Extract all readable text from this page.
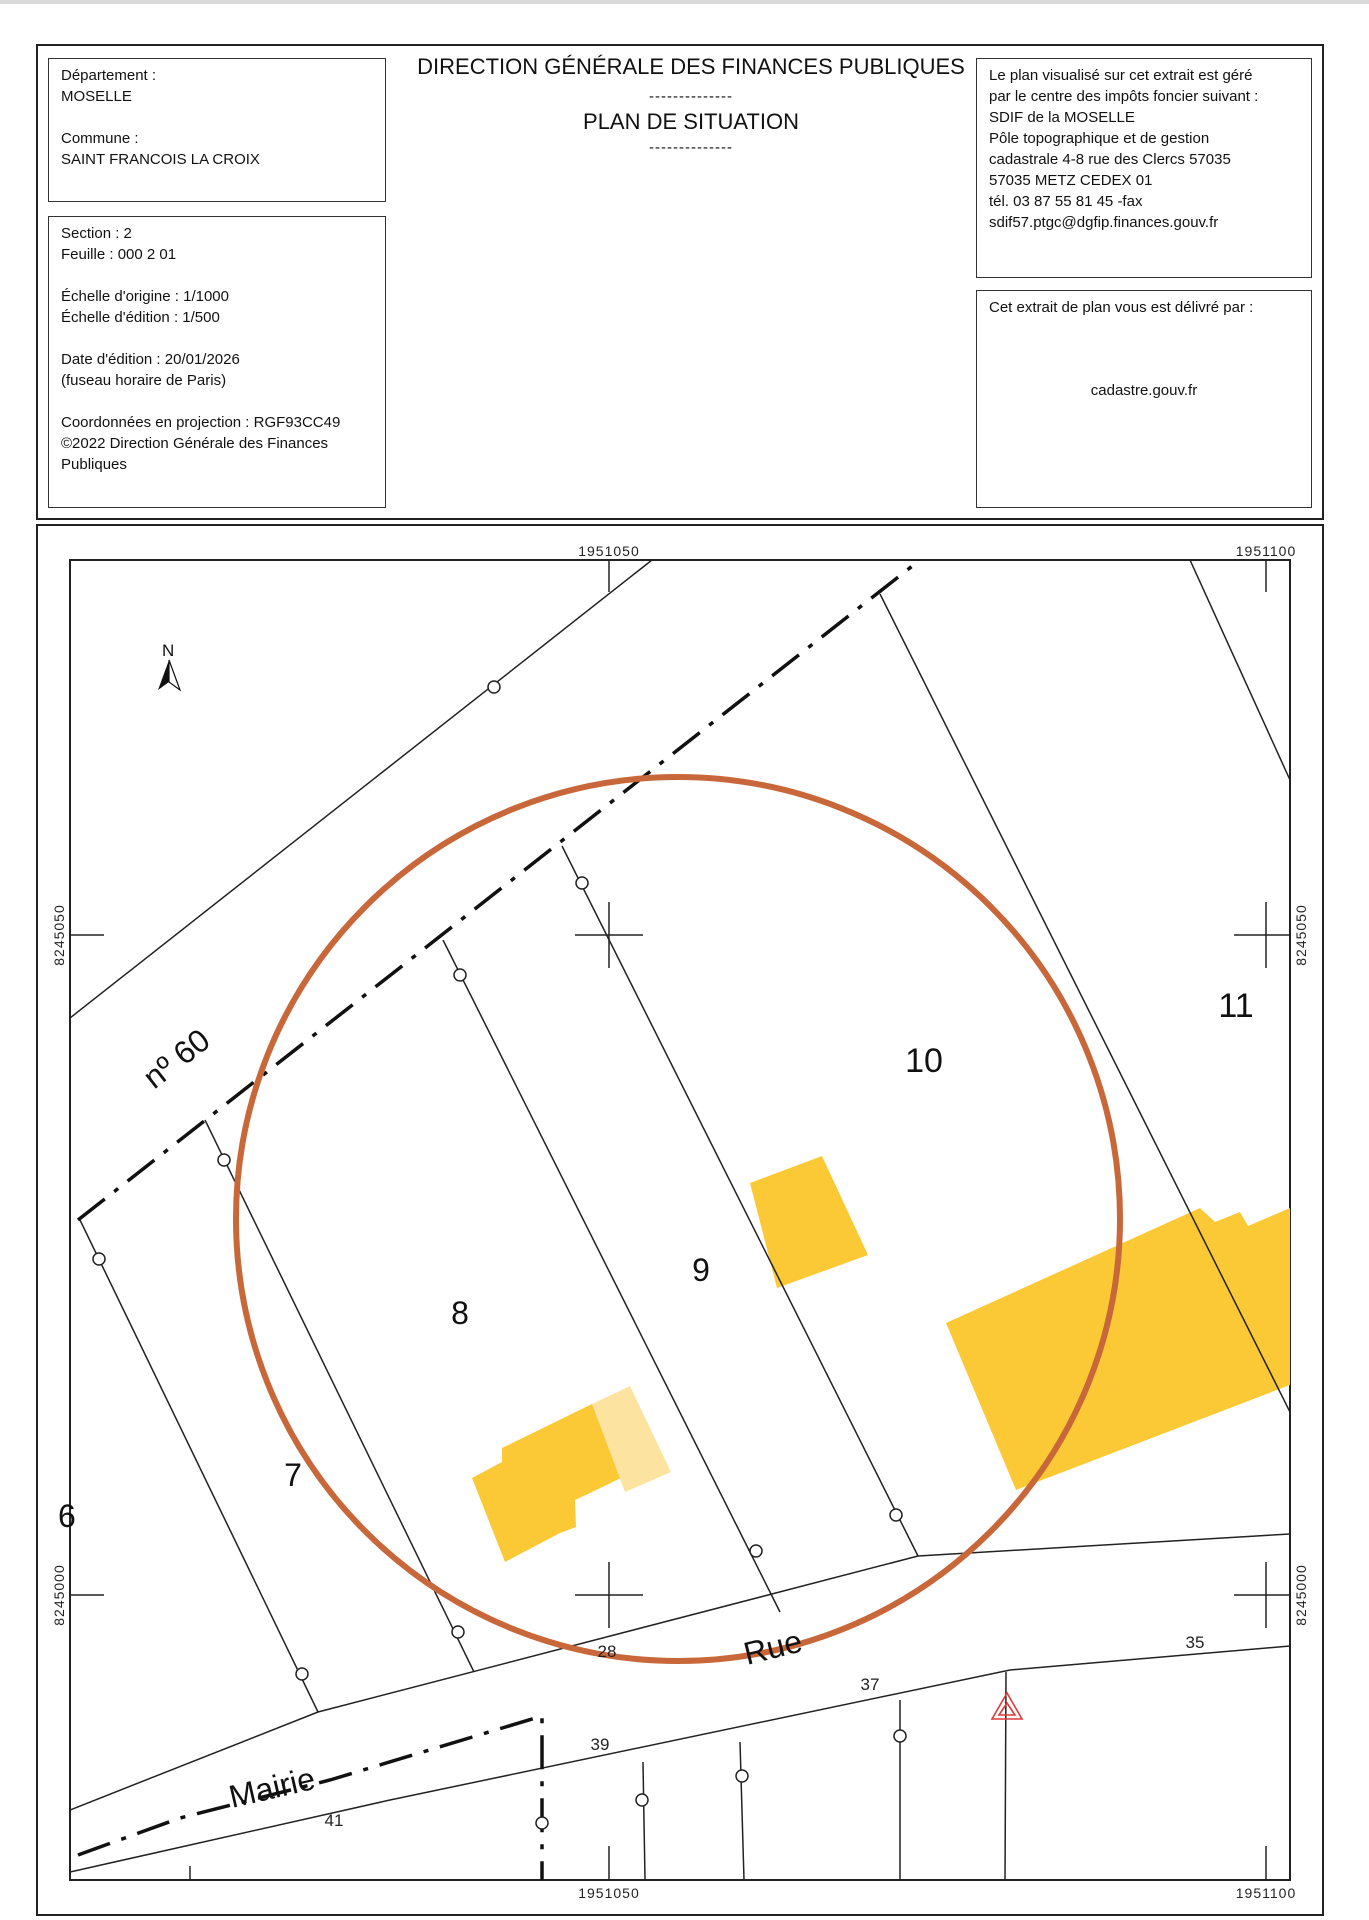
Département :
MOSELLE
Commune :
SAINT FRANCOIS LA CROIX
DIRECTION GÉNÉRALE DES FINANCES PUBLIQUES
--------------
PLAN DE SITUATION
--------------
Section : 2
Feuille : 000 2 01
Échelle d'origine : 1/1000
Échelle d'édition : 1/500
Date d'édition : 20/01/2026
(fuseau horaire de Paris)
Coordonnées en projection : RGF93CC49
©2022 Direction Générale des Finances
Publiques
Le plan visualisé sur cet extrait est géré
par le centre des impôts foncier suivant :
SDIF de la MOSELLE
Pôle topographique et de gestion
cadastrale 4-8 rue des Clercs 57035
57035 METZ CEDEX 01
tél. 03 87 55 81 45 -fax
sdif57.ptgc@dgfip.finances.gouv.fr
Cet extrait de plan vous est délivré par :
cadastre.gouv.fr
N
1951050	1951100
1951050	1951100
8245050	8245050
8245000	8245000
nº 60
7
8
9
10
11
6
28	35
37
39
41
Rue
Mairie
